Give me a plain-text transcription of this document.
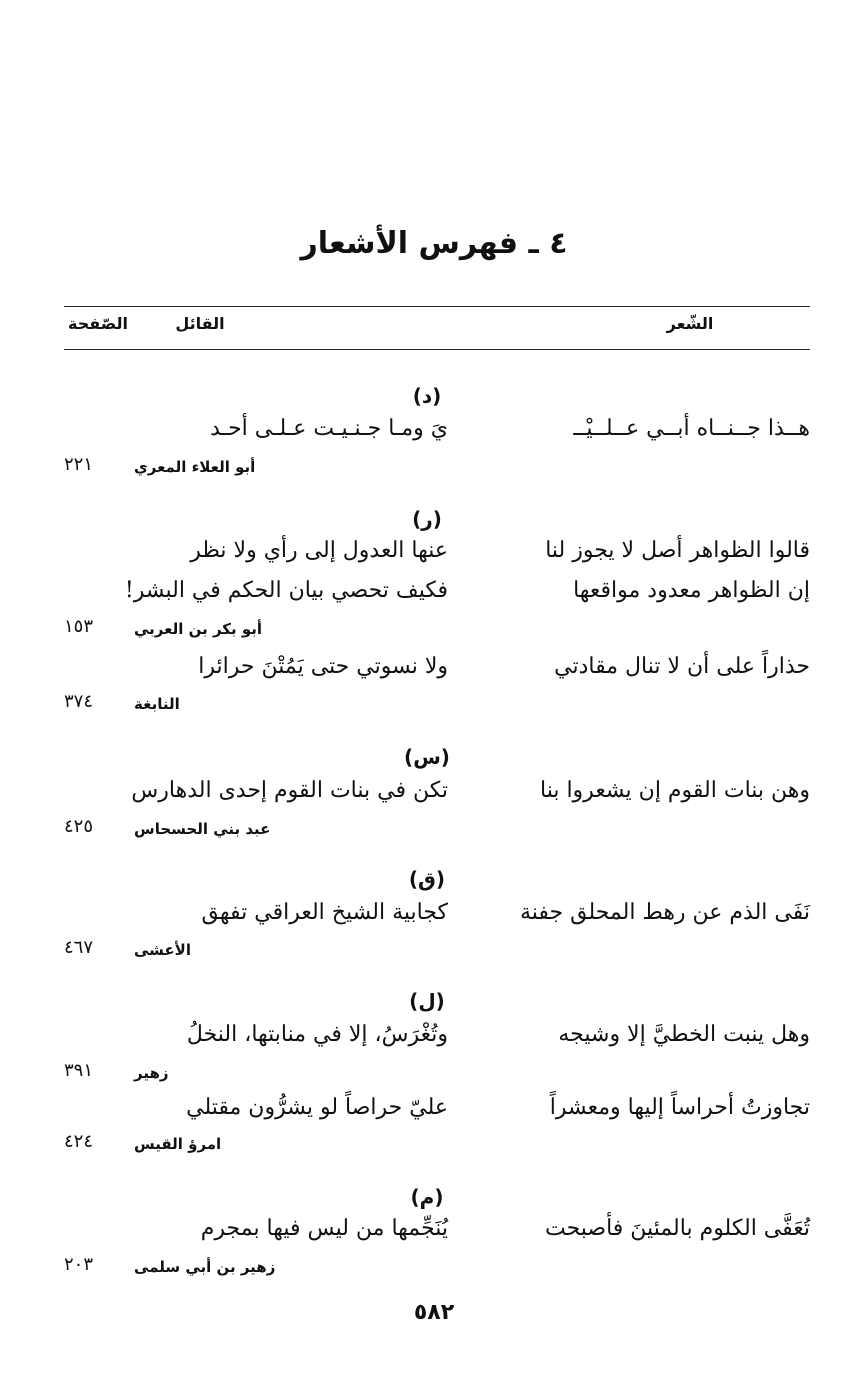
٤ ـ فهرس الأشعار
الشّعر
القائل
الصّفحة
(د)
هــذا جــنــاه أبــي عــلــيْــ
يَ ومـا جـنـيـت عـلـى أحـد
أبو العلاء المعري
٢٢١
(ر)
قالوا الظواهر أصل لا يجوز لنا
عنها العدول إلى رأي ولا نظر
إن الظواهر معدود مواقعها
فكيف تحصي بيان الحكم في البشر!
أبو بكر بن العربي
١٥٣
حذاراً على أن لا تنال مقادتي
ولا نسوتي حتى يَمُتْنَ حرائرا
النابغة
٣٧٤
(س)
وهن بنات القوم إن يشعروا بنا
تكن في بنات القوم إحدى الدهارس
عبد بني الحسحاس
٤٢٥
(ق)
نَفَى الذم عن رهط المحلق جفنة
كجابية الشيخ العراقي تفهق
الأعشى
٤٦٧
(ل)
وهل ينبت الخطيَّ إلا وشيجه
وتُغْرَسُ، إلا في منابتها، النخلُ
زهير
٣٩١
تجاوزتُ أحراساً إليها ومعشراً
عليّ حراصاً لو يشرُّون مقتلي
امرؤ القيس
٤٢٤
(م)
تُعَفَّى الكلوم بالمئينَ فأصبحت
يُنَجِّمها من ليس فيها بمجرم
زهير بن أبي سلمى
٢٠٣
٥٨٢
